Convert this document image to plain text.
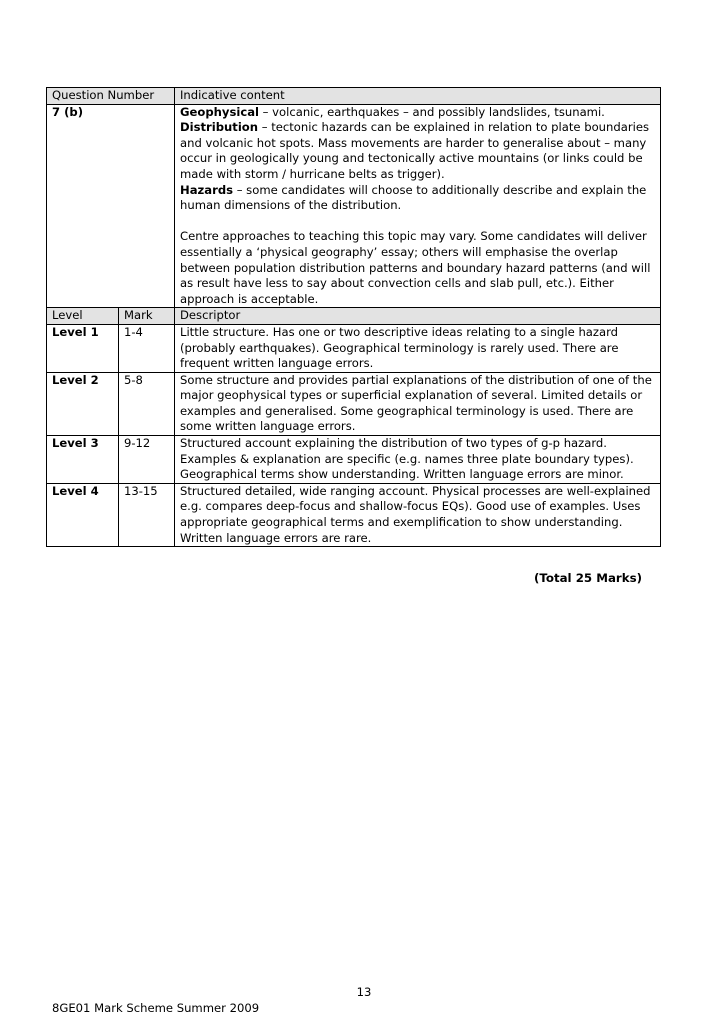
Question Number		Indicative content
7 (b)		Geophysical – volcanic, earthquakes – and possibly landslides, tsunami.
Distribution – tectonic hazards can be explained in relation to plate boundaries and volcanic hot spots. Mass movements are harder to generalise about – many occur in geologically young and tectonically active mountains (or links could be made with storm / hurricane belts as trigger).
Hazards – some candidates will choose to additionally describe and explain the human dimensions of the distribution.
Centre approaches to teaching this topic may vary. Some candidates will deliver essentially a ‘physical geography’ essay; others will emphasise the overlap between population distribution patterns and boundary hazard patterns (and will as result have less to say about convection cells and slab pull, etc.). Either approach is acceptable.

Level	Mark	Descriptor
Level 1	1-4	Little structure. Has one or two descriptive ideas relating to a single hazard (probably earthquakes). Geographical terminology is rarely used. There are frequent written language errors.
Level 2	5-8	Some structure and provides partial explanations of the distribution of one of the major geophysical types or superficial explanation of several. Limited details or examples and generalised. Some geographical terminology is used. There are some written language errors.
Level 3	9-12	Structured account explaining the distribution of two types of g-p hazard. Examples & explanation are specific (e.g. names three plate boundary types). Geographical terms show understanding. Written language errors are minor.
Level 4	13-15	Structured detailed, wide ranging account. Physical processes are well-explained e.g. compares deep-focus and shallow-focus EQs). Good use of examples. Uses appropriate geographical terms and exemplification to show understanding. Written language errors are rare.
(Total 25 Marks)
13
8GE01 Mark Scheme Summer 2009
